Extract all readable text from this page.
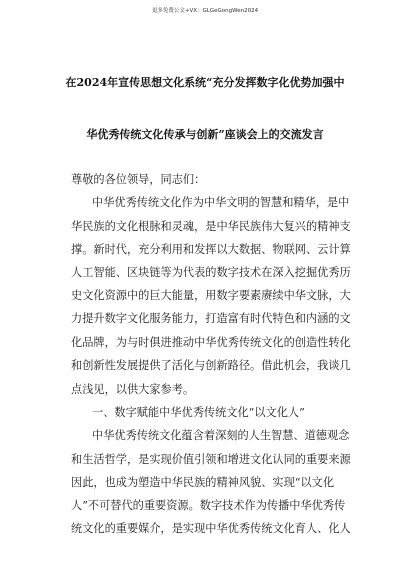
更多免费公文+VX：GLGeGongWen2024
在2024年宣传思想文化系统“充分发挥数字化优势加强中
华优秀传统文化传承与创新”座谈会上的交流发言
尊敬的各位领导，同志们：
中华优秀传统文化作为中华文明的智慧和精华，是中
华民族的文化根脉和灵魂，是中华民族伟大复兴的精神支
撑。新时代，充分利用和发挥以大数据、物联网、云计算
人工智能、区块链等为代表的数字技术在深入挖掘优秀历
史文化资源中的巨大能量，用数字要素赓续中华文脉，大
力提升数字文化服务能力，打造富有时代特色和内涵的文
化品牌，为与时俱进推动中华优秀传统文化的创造性转化
和创新性发展提供了活化与创新路径。借此机会，我谈几
点浅见，以供大家参考。
一、数字赋能中华优秀传统文化“以文化人”
中华优秀传统文化蕴含着深刻的人生智慧、道德观念
和生活哲学，是实现价值引领和增进文化认同的重要来源
因此，也成为塑造中华民族的精神风貌、实现“以文化
人”不可替代的重要资源。数字技术作为传播中华优秀传
统文化的重要媒介，是实现中华优秀传统文化育人、化人
